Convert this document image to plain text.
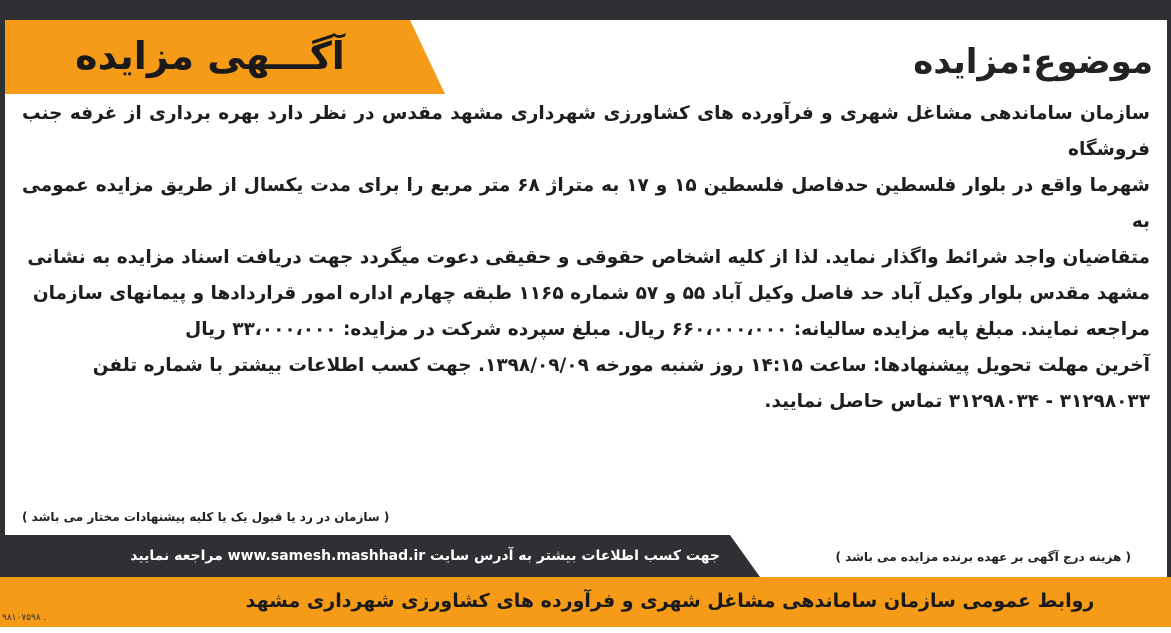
آگـــهی مزایده	موضوع:مزایده

سازمان ساماندهی مشاغل شهری و فرآورده های کشاورزی شهرداری مشهد مقدس در نظر دارد بهره برداری از غرفه جنب فروشگاه

شهرما واقع در بلوار فلسطین حدفاصل فلسطین ۱۵ و ۱۷ به متراژ ۶۸ متر مربع را برای مدت یکسال از طریق مزایده عمومی به

متقاضیان واجد شرائط واگذار نماید. لذا از کلیه اشخاص حقوقی و حقیقی دعوت میگردد جهت دریافت اسناد مزایده به نشانی

مشهد مقدس بلوار وکیل آباد حد فاصل وکیل آباد ۵۵ و ۵۷ شماره ۱۱۶۵ طبقه چهارم اداره امور قراردادها و پیمانهای سازمان

مراجعه نمایند. مبلغ پایه مزایده سالیانه: ۶۶۰،۰۰۰،۰۰۰ ریال. مبلغ سپرده شرکت در مزایده: ۳۳،۰۰۰،۰۰۰ ریال

آخرین مهلت تحویل پیشنهادها: ساعت ۱۴:۱۵ روز شنبه مورخه ۱۳۹۸/۰۹/۰۹. جهت کسب اطلاعات بیشتر با شماره تلفن

۳۱۲۹۸۰۳۳ - ۳۱۲۹۸۰۳۴ تماس حاصل نمایید.

( سازمان در رد یا قبول یک یا کلیه پیشنهادات مختار می باشد )
جهت کسب اطلاعات بیشتر به آدرس سایت www.samesh.mashhad.ir مراجعه نمایید	( هزینه درج آگهی بر عهده برنده مزایده می باشد )
روابط عمومی سازمان ساماندهی مشاغل شهری و فرآورده های کشاورزی شهرداری مشهد
۹۸۱۰۷۵۹۸ .
